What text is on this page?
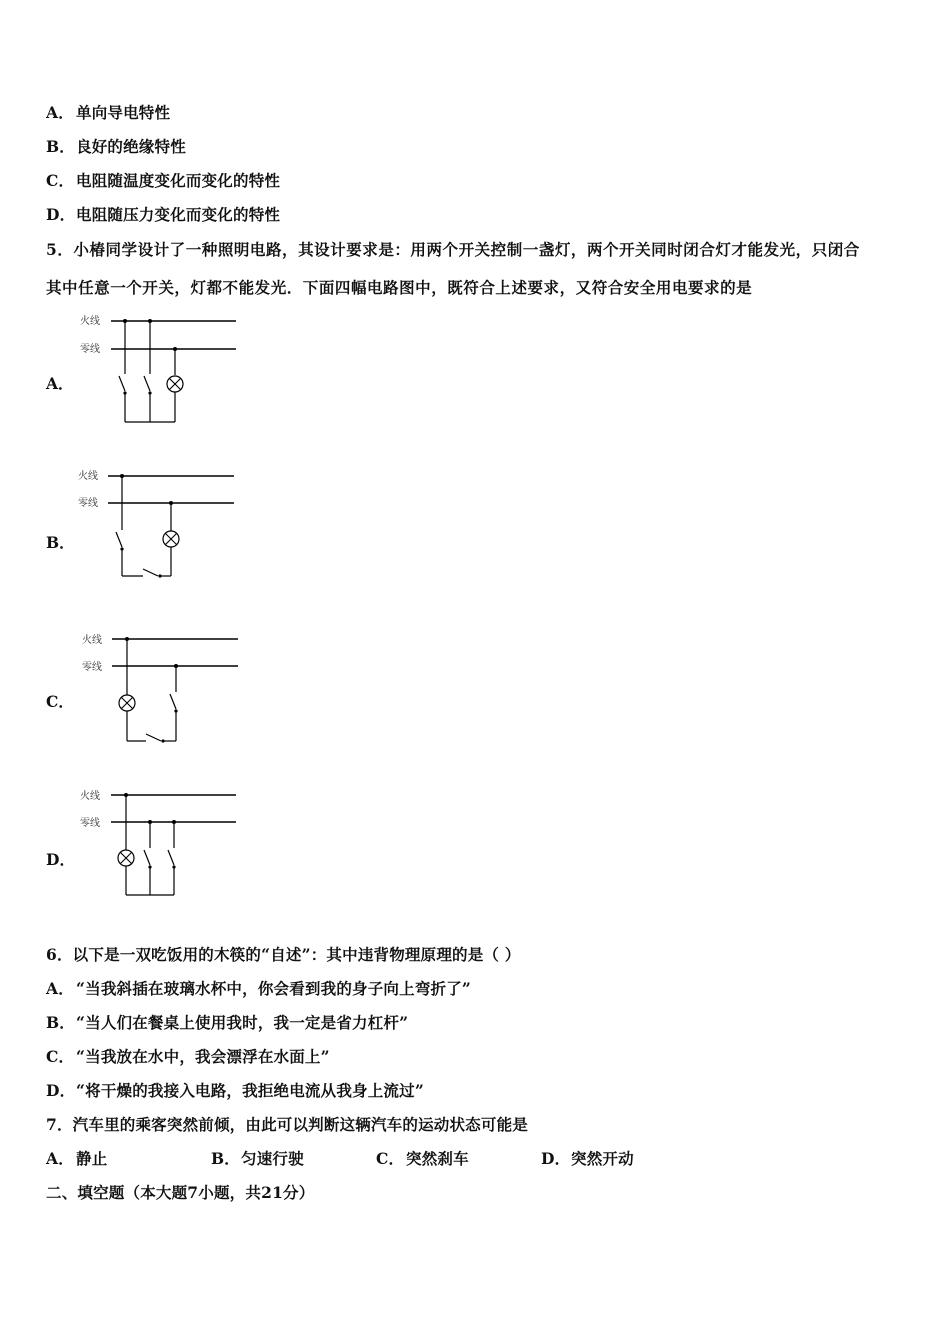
A． 单向导电特性
B．良好的绝缘特性
C． 电阻随温度变化而变化的特性
D．电阻随压力变化而变化的特性
5．小椿同学设计了一种照明电路，其设计要求是：用两个开关控制一盏灯，两个开关同时闭合灯才能发光，只闭合
其中任意一个开关，灯都不能发光．下面四幅电路图中，既符合上述要求，又符合安全用电要求的是
A．
火线
零线
B．
火线
零线
C．
火线
零线
D．
火线
零线
6．以下是一双吃饭用的木筷的“自述”：其中违背物理原理的是（ ）
A． “当我斜插在玻璃水杯中，你会看到我的身子向上弯折了”
B．“当人们在餐桌上使用我时，我一定是省力杠杆”
C． “当我放在水中，我会漂浮在水面上”
D．“将干燥的我接入电路，我拒绝电流从我身上流过”
7．汽车里的乘客突然前倾，由此可以判断这辆汽车的运动状态可能是
A． 静止	B．匀速行驶	C． 突然刹车	D．突然开动
二、填空题（本大题7小题，共21分）
